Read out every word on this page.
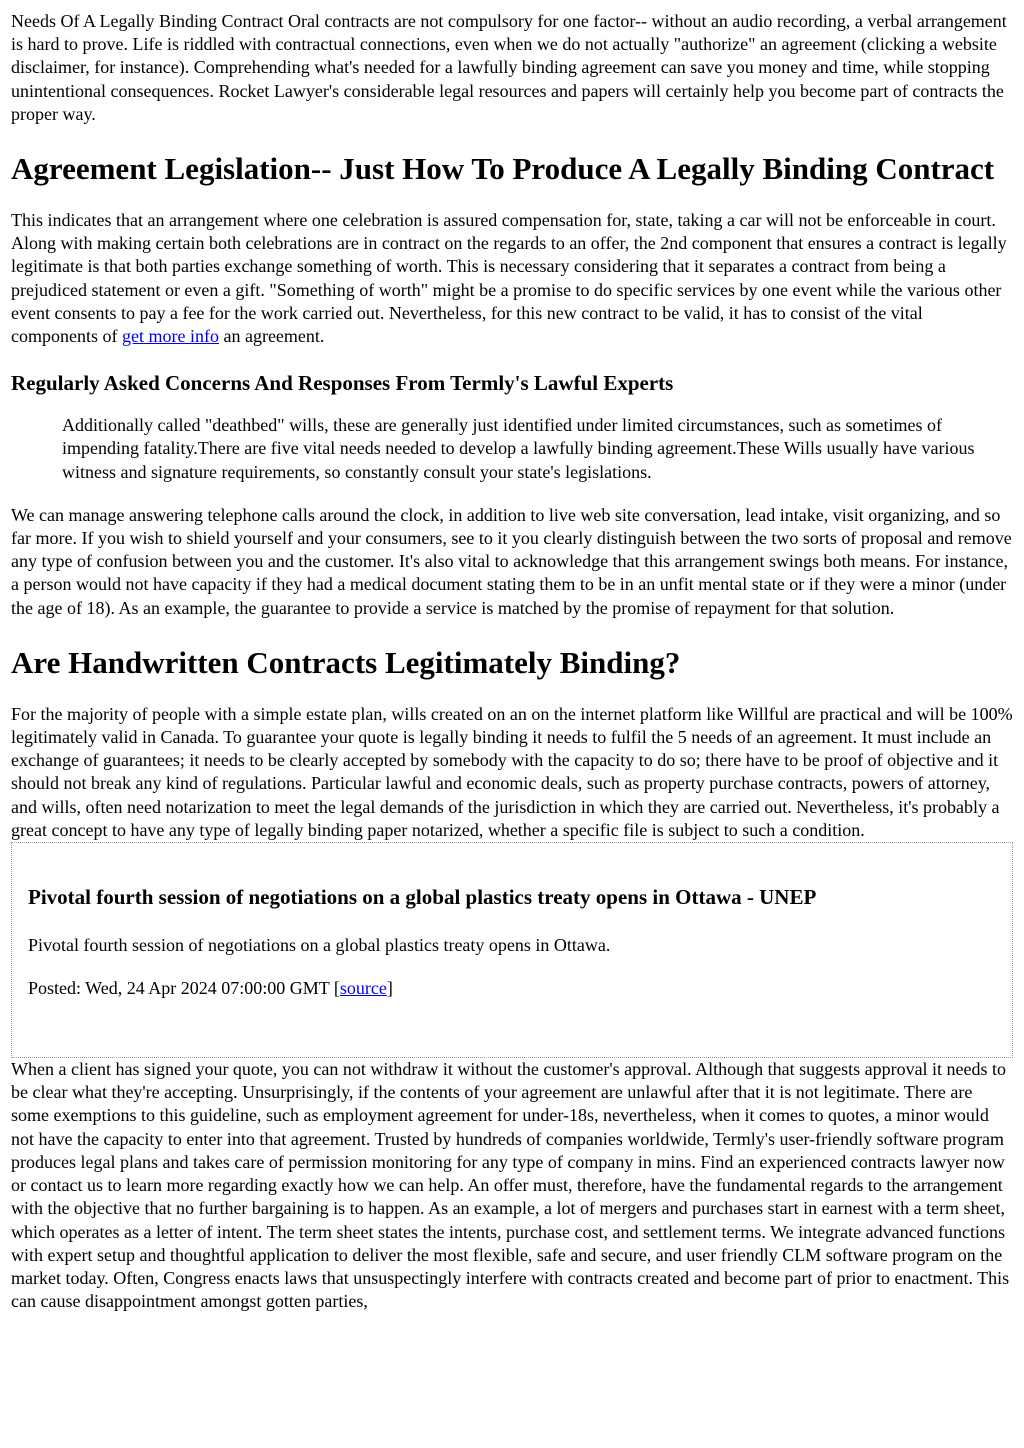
Needs Of A Legally Binding Contract Oral contracts are not compulsory for one factor-- without an audio recording, a verbal arrangement is hard to prove. Life is riddled with contractual connections, even when we do not actually "authorize" an agreement (clicking a website disclaimer, for instance). Comprehending what's needed for a lawfully binding agreement can save you money and time, while stopping unintentional consequences. Rocket Lawyer's considerable legal resources and papers will certainly help you become part of contracts the proper way.

Agreement Legislation-- Just How To Produce A Legally Binding Contract

This indicates that an arrangement where one celebration is assured compensation for, state, taking a car will not be enforceable in court. Along with making certain both celebrations are in contract on the regards to an offer, the 2nd component that ensures a contract is legally legitimate is that both parties exchange something of worth. This is necessary considering that it separates a contract from being a prejudiced statement or even a gift. "Something of worth" might be a promise to do specific services by one event while the various other event consents to pay a fee for the work carried out. Nevertheless, for this new contract to be valid, it has to consist of the vital components of get more info an agreement.

Regularly Asked Concerns And Responses From Termly's Lawful Experts
Additionally called "deathbed" wills, these are generally just identified under limited circumstances, such as sometimes of impending fatality.There are five vital needs needed to develop a lawfully binding agreement.These Wills usually have various witness and signature requirements, so constantly consult your state's legislations.

We can manage answering telephone calls around the clock, in addition to live web site conversation, lead intake, visit organizing, and so far more. If you wish to shield yourself and your consumers, see to it you clearly distinguish between the two sorts of proposal and remove any type of confusion between you and the customer. It's also vital to acknowledge that this arrangement swings both means. For instance, a person would not have capacity if they had a medical document stating them to be in an unfit mental state or if they were a minor (under the age of 18). As an example, the guarantee to provide a service is matched by the promise of repayment for that solution.

Are Handwritten Contracts Legitimately Binding?

For the majority of people with a simple estate plan, wills created on an on the internet platform like Willful are practical and will be 100% legitimately valid in Canada. To guarantee your quote is legally binding it needs to fulfil the 5 needs of an agreement. It must include an exchange of guarantees; it needs to be clearly accepted by somebody with the capacity to do so; there have to be proof of objective and it should not break any kind of regulations. Particular lawful and economic deals, such as property purchase contracts, powers of attorney, and wills, often need notarization to meet the legal demands of the jurisdiction in which they are carried out. Nevertheless, it's probably a great concept to have any type of legally binding paper notarized, whether a specific file is subject to such a condition.

Pivotal fourth session of negotiations on a global plastics treaty opens in Ottawa - UNEP

Pivotal fourth session of negotiations on a global plastics treaty opens in Ottawa.

Posted: Wed, 24 Apr 2024 07:00:00 GMT [source]

When a client has signed your quote, you can not withdraw it without the customer's approval. Although that suggests approval it needs to be clear what they're accepting. Unsurprisingly, if the contents of your agreement are unlawful after that it is not legitimate. There are some exemptions to this guideline, such as employment agreement for under-18s, nevertheless, when it comes to quotes, a minor would not have the capacity to enter into that agreement. Trusted by hundreds of companies worldwide, Termly's user-friendly software program produces legal plans and takes care of permission monitoring for any type of company in mins. Find an experienced contracts lawyer now or contact us to learn more regarding exactly how we can help. An offer must, therefore, have the fundamental regards to the arrangement with the objective that no further bargaining is to happen. As an example, a lot of mergers and purchases start in earnest with a term sheet, which operates as a letter of intent. The term sheet states the intents, purchase cost, and settlement terms. We integrate advanced functions with expert setup and thoughtful application to deliver the most flexible, safe and secure, and user friendly CLM software program on the market today. Often, Congress enacts laws that unsuspectingly interfere with contracts created and become part of prior to enactment. This can cause disappointment amongst gotten parties,
